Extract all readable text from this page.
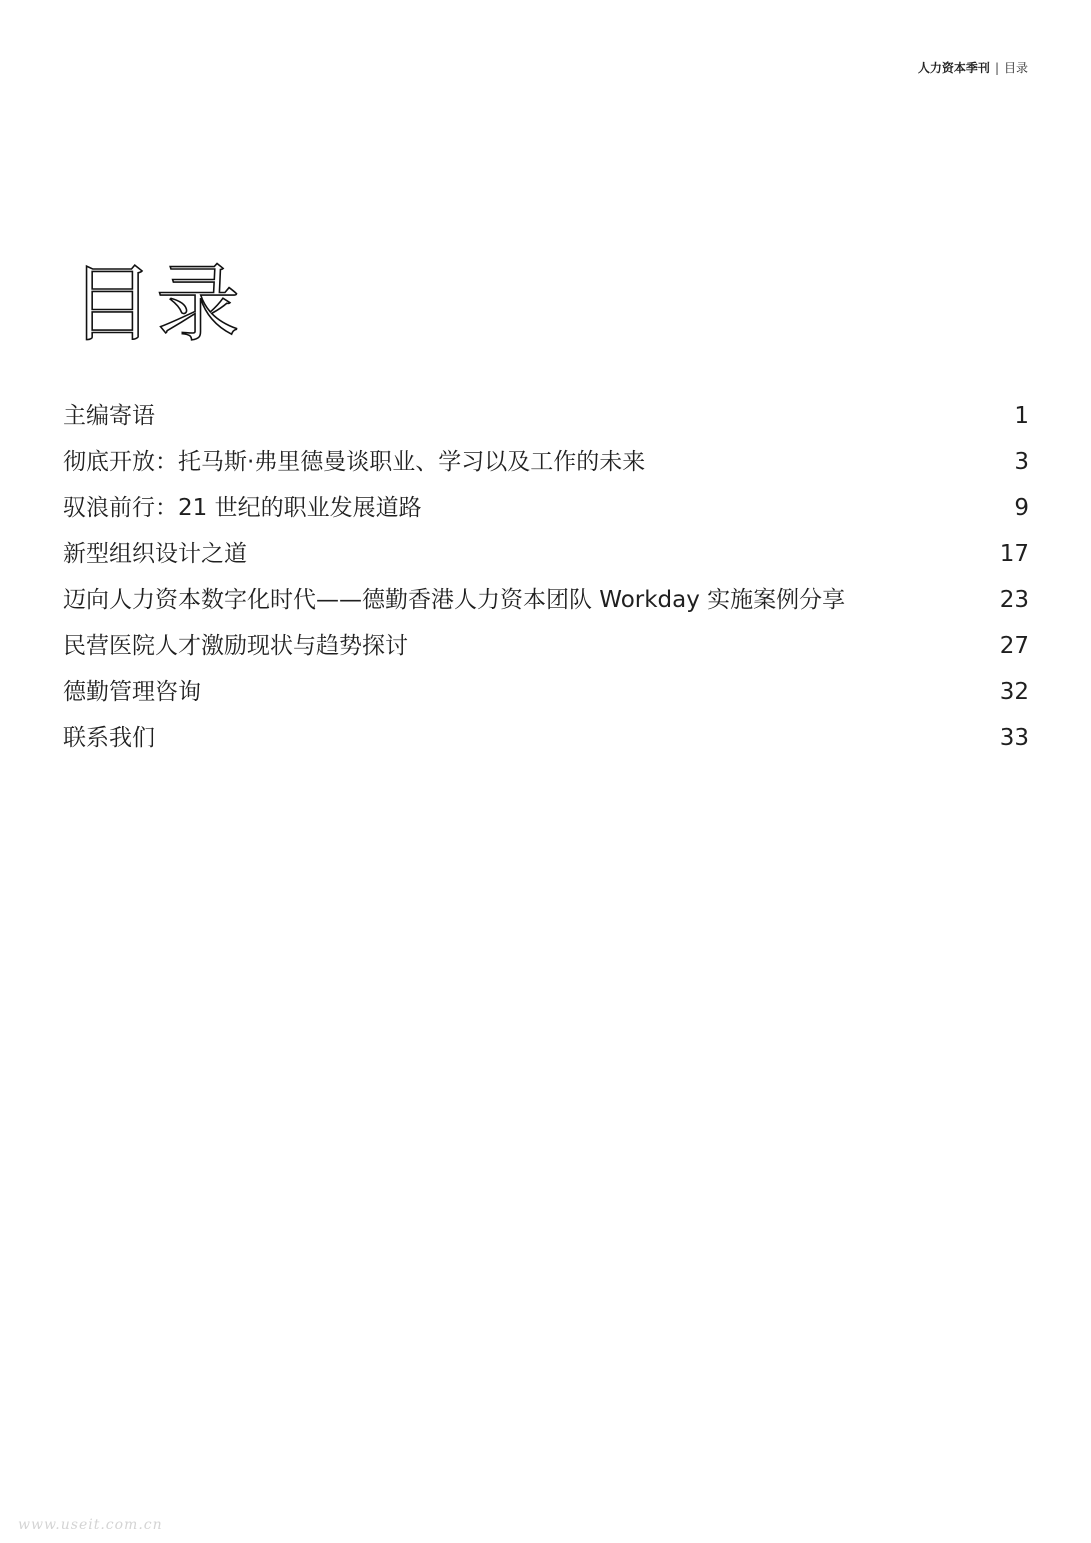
人力资本季刊 | 目录
目录
主编寄语	1
彻底开放：托马斯·弗里德曼谈职业、学习以及工作的未来	3
驭浪前行：21 世纪的职业发展道路	9
新型组织设计之道	17
迈向人力资本数字化时代——德勤香港人力资本团队 Workday 实施案例分享	23
民营医院人才激励现状与趋势探讨	27
德勤管理咨询	32
联系我们	33
www.useit.com.cn
